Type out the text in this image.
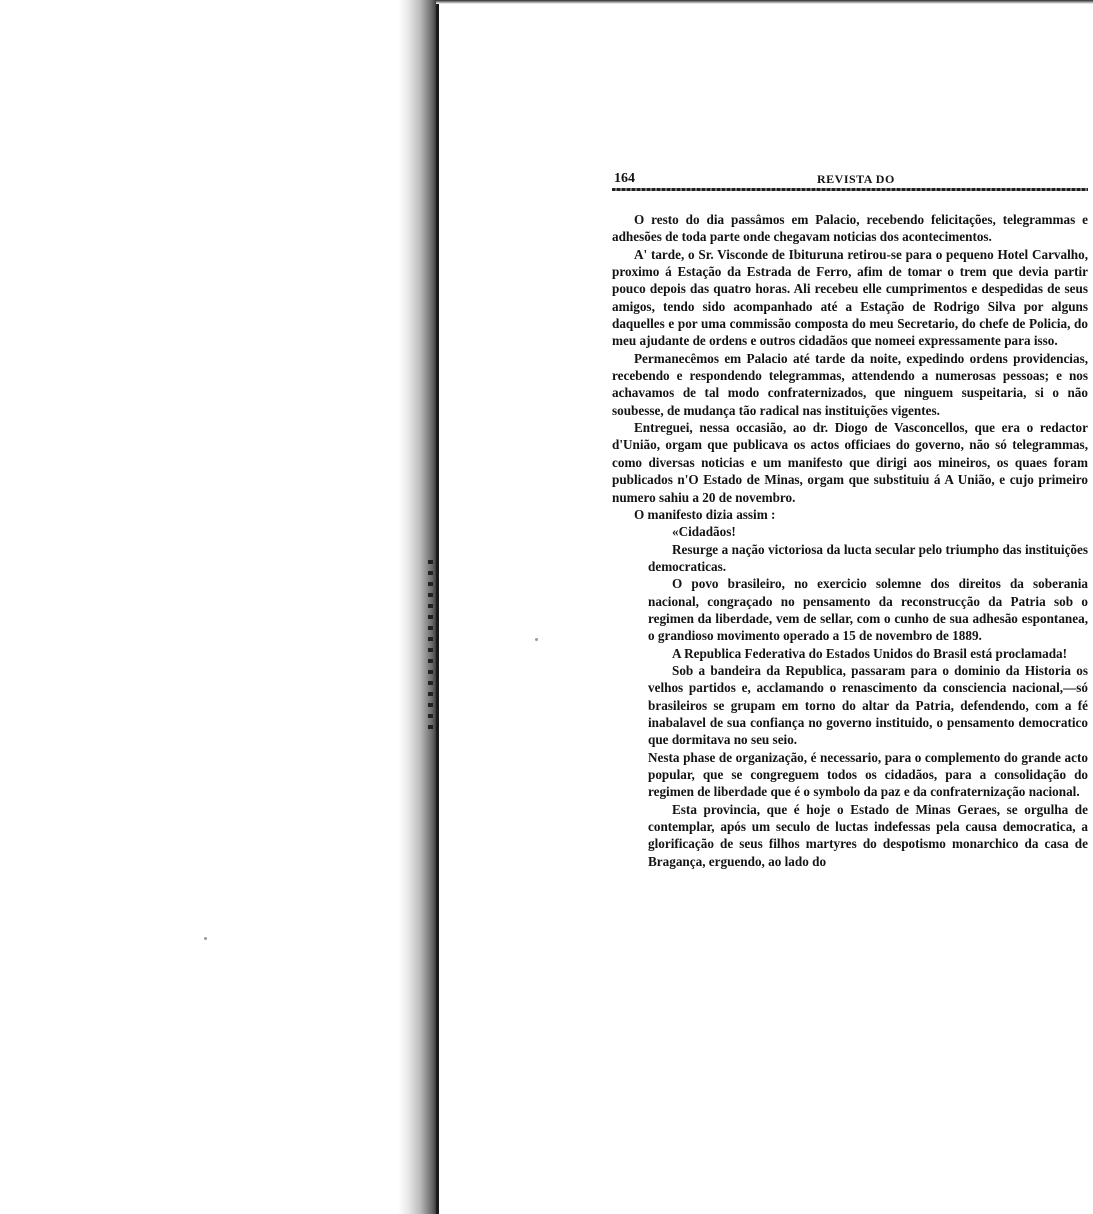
164	REVISTA DO

O resto do dia passâmos em Palacio, recebendo felicitações, telegrammas e adhesões de toda parte onde chegavam noticias dos acontecimentos.

A' tarde, o Sr. Visconde de Ibituruna retirou-se para o pequeno Hotel Carvalho, proximo á Estação da Estrada de Ferro, afim de tomar o trem que devia partir pouco depois das quatro horas. Ali recebeu elle cumprimentos e despedidas de seus amigos, tendo sido acompanhado até a Estação de Rodrigo Silva por alguns daquelles e por uma commissão composta do meu Secretario, do chefe de Policia, do meu ajudante de ordens e outros cidadãos que nomeei expressamente para isso.

Permanecêmos em Palacio até tarde da noite, expedindo ordens providencias, recebendo e respondendo telegrammas, attendendo a numerosas pessoas; e nos achavamos de tal modo confraternizados, que ninguem suspeitaria, si o não soubesse, de mudança tão radical nas instituições vigentes.

Entreguei, nessa occasião, ao dr. Diogo de Vasconcellos, que era o redactor d'União, orgam que publicava os actos officiaes do governo, não só telegrammas, como diversas noticias e um manifesto que dirigi aos mineiros, os quaes foram publicados n'O Estado de Minas, orgam que substituiu á A União, e cujo primeiro numero sahiu a 20 de novembro.

O manifesto dizia assim :

«Cidadãos!

Resurge a nação victoriosa da lucta secular pelo triumpho das instituições democraticas.

O povo brasileiro, no exercicio solemne dos direitos da soberania nacional, congraçado no pensamento da reconstrucção da Patria sob o regimen da liberdade, vem de sellar, com o cunho de sua adhesão espontanea, o grandioso movimento operado a 15 de novembro de 1889.

A Republica Federativa do Estados Unidos do Brasil está proclamada!

Sob a bandeira da Republica, passaram para o dominio da Historia os velhos partidos e, acclamando o renascimento da consciencia nacional,—só brasileiros se grupam em torno do altar da Patria, defendendo, com a fé inabalavel de sua confiança no governo instituido, o pensamento democratico que dormitava no seu seio.

Nesta phase de organização, é necessario, para o complemento do grande acto popular, que se congreguem todos os cidadãos, para a consolidação do regimen de liberdade que é o symbolo da paz e da confraternização nacional.

Esta provincia, que é hoje o Estado de Minas Geraes, se orgulha de contemplar, após um seculo de luctas indefessas pela causa democratica, a glorificação de seus filhos martyres do despotismo monarchico da casa de Bragança, erguendo, ao lado do
